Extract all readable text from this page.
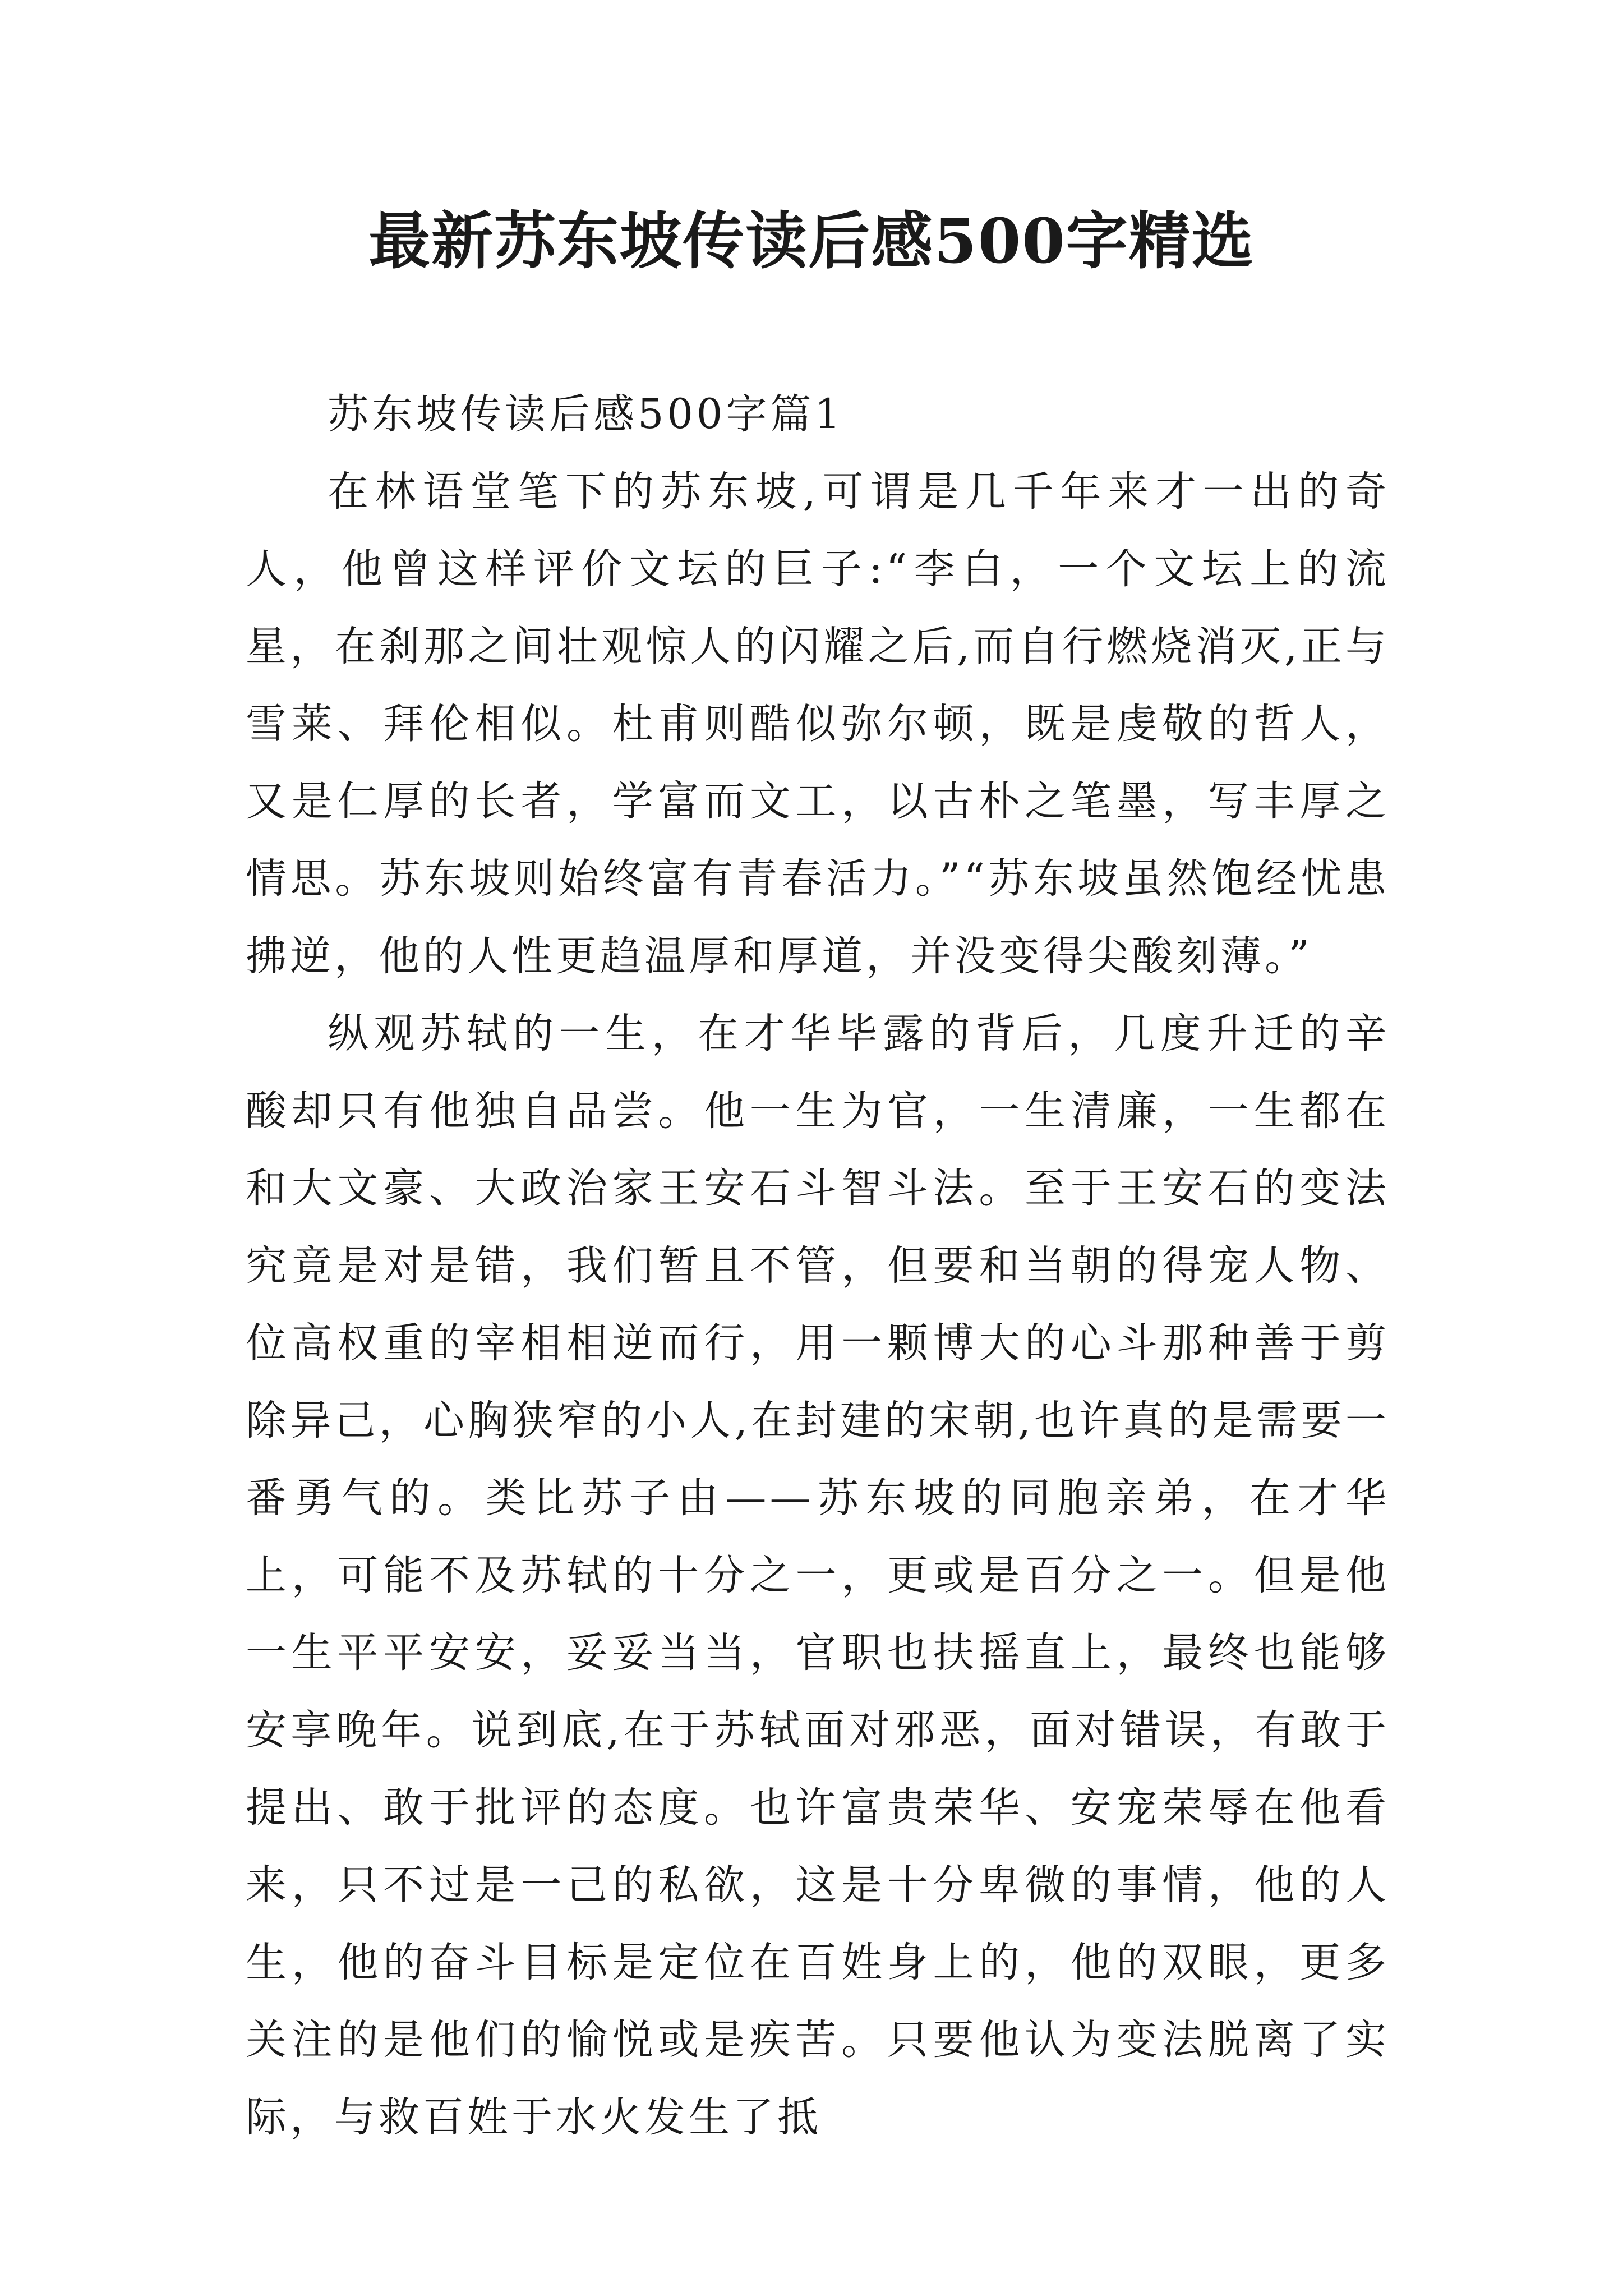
最新苏东坡传读后感500字精选

苏东坡传读后感500字篇1

在林语堂笔下的苏东坡,可谓是几千年来才一出的奇人，他曾这样评价文坛的巨子:“李白，一个文坛上的流星，在刹那之间壮观惊人的闪耀之后,而自行燃烧消灭,正与雪莱、拜伦相似。杜甫则酷似弥尔顿，既是虔敬的哲人，又是仁厚的长者，学富而文工，以古朴之笔墨，写丰厚之情思。苏东坡则始终富有青春活力。”“苏东坡虽然饱经忧患拂逆，他的人性更趋温厚和厚道，并没变得尖酸刻薄。”

纵观苏轼的一生，在才华毕露的背后，几度升迁的辛酸却只有他独自品尝。他一生为官，一生清廉，一生都在和大文豪、大政治家王安石斗智斗法。至于王安石的变法究竟是对是错，我们暂且不管，但要和当朝的得宠人物、位高权重的宰相相逆而行，用一颗博大的心斗那种善于剪除异己，心胸狭窄的小人,在封建的宋朝,也许真的是需要一番勇气的。类比苏子由——苏东坡的同胞亲弟，在才华上，可能不及苏轼的十分之一，更或是百分之一。但是他一生平平安安，妥妥当当，官职也扶摇直上，最终也能够安享晚年。说到底,在于苏轼面对邪恶，面对错误，有敢于提出、敢于批评的态度。也许富贵荣华、安宠荣辱在他看来，只不过是一己的私欲，这是十分卑微的事情，他的人生，他的奋斗目标是定位在百姓身上的，他的双眼，更多关注的是他们的愉悦或是疾苦。只要他认为变法脱离了实际，与救百姓于水火发生了抵
